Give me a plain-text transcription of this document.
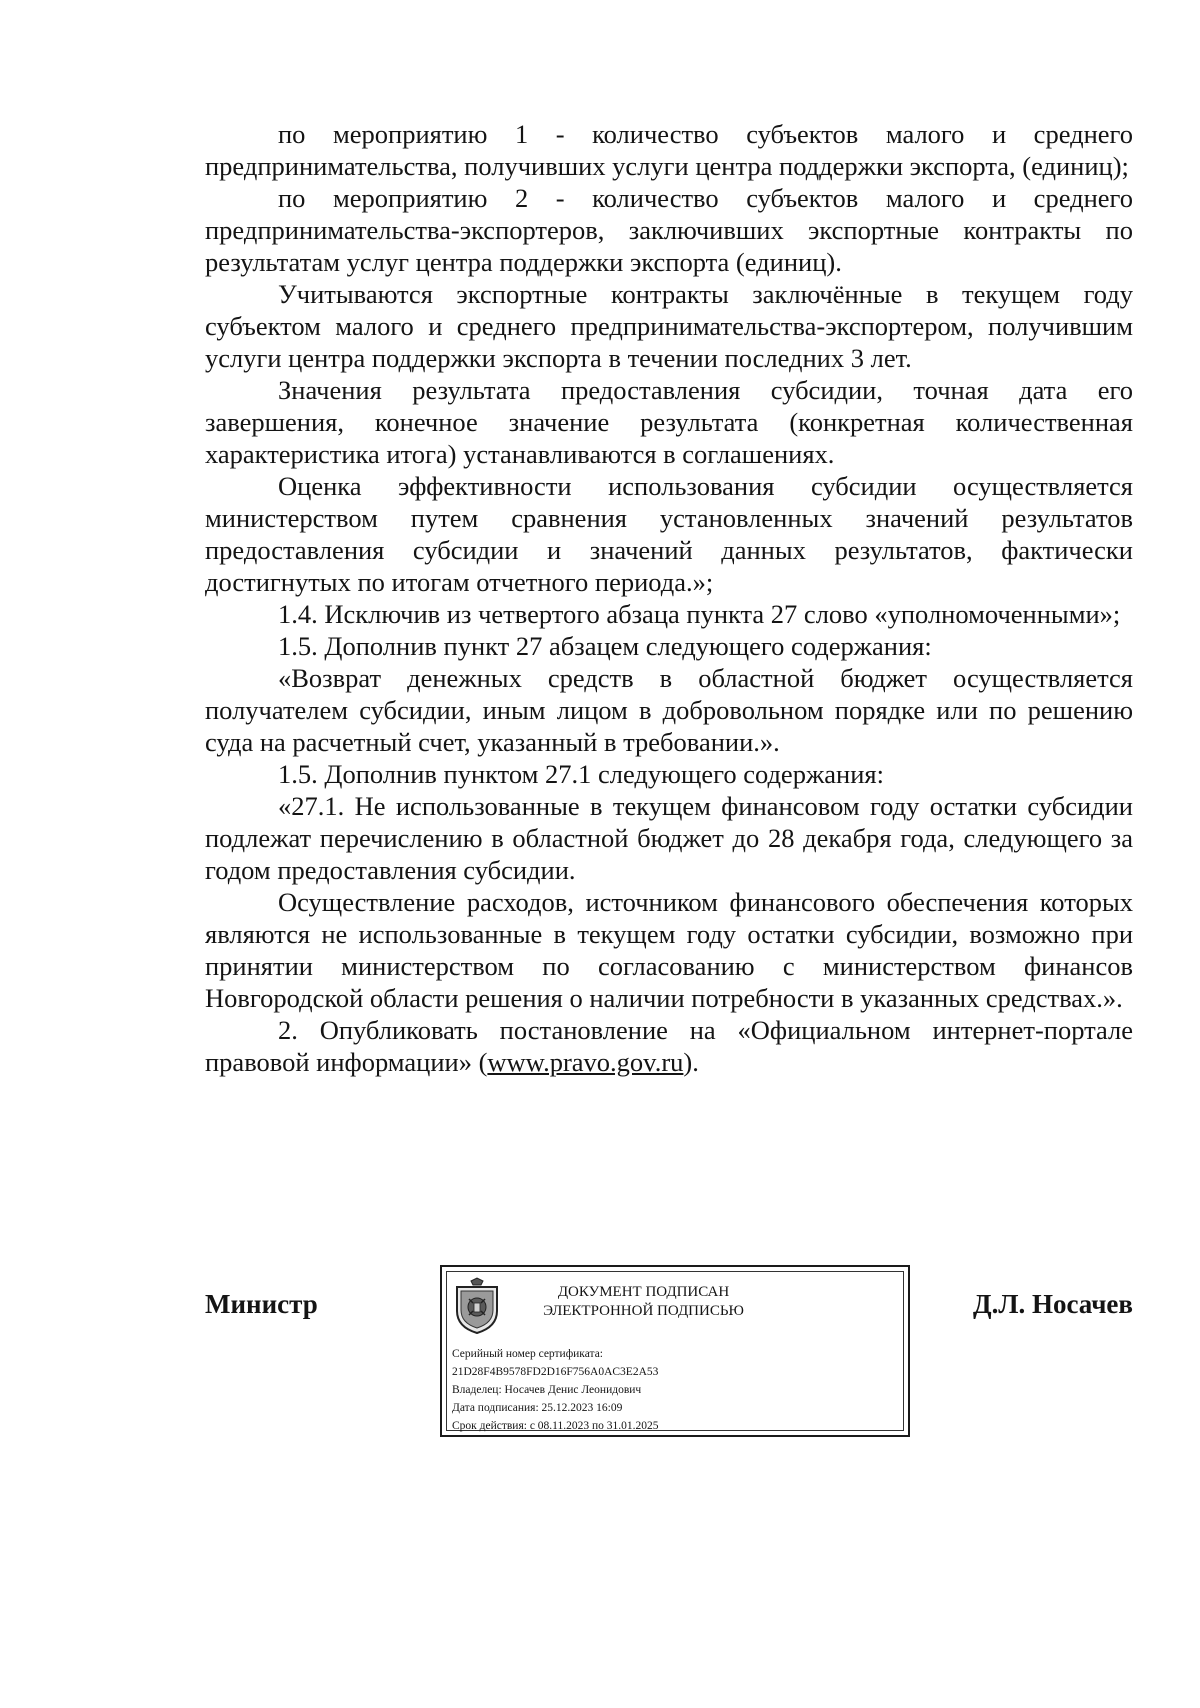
по мероприятию 1 - количество субъектов малого и среднего предпринимательства, получивших услуги центра поддержки экспорта, (единиц);

по мероприятию 2 - количество субъектов малого и среднего предпринимательства-экспортеров, заключивших экспортные контракты по результатам услуг центра поддержки экспорта (единиц).

Учитываются экспортные контракты заключённые в текущем году субъектом малого и среднего предпринимательства-экспортером, получившим услуги центра поддержки экспорта в течении последних 3 лет.

Значения результата предоставления субсидии, точная дата его завершения, конечное значение результата (конкретная количественная характеристика итога) устанавливаются в соглашениях.

Оценка эффективности использования субсидии осуществляется министерством путем сравнения установленных значений результатов предоставления субсидии и значений данных результатов, фактически достигнутых по итогам отчетного периода.»;

1.4. Исключив из четвертого абзаца пункта 27 слово «уполномоченными»;

1.5. Дополнив пункт 27 абзацем следующего содержания:

«Возврат денежных средств в областной бюджет осуществляется получателем субсидии, иным лицом в добровольном порядке или по решению суда на расчетный счет, указанный в требовании.».

1.5. Дополнив пунктом 27.1 следующего содержания:

«27.1. Не использованные в текущем финансовом году остатки субсидии подлежат перечислению в областной бюджет до 28 декабря года, следующего за годом предоставления субсидии.

Осуществление расходов, источником финансового обеспечения которых являются не использованные в текущем году остатки субсидии, возможно при принятии министерством по согласованию с министерством финансов Новгородской области решения о наличии потребности в указанных средствах.».

2. Опубликовать постановление на «Официальном интернет-портале правовой информации» (www.pravo.gov.ru).

Министр	ДОКУМЕНТ ПОДПИСАН
ЭЛЕКТРОННОЙ ПОДПИСЬЮ
Серийный номер сертификата:
21D28F4B9578FD2D16F756A0AC3E2A53
Владелец: Носачев Денис Леонидович
Дата подписания: 25.12.2023 16:09
Срок действия: с 08.11.2023 по 31.01.2025
Д.Л. Носачев
